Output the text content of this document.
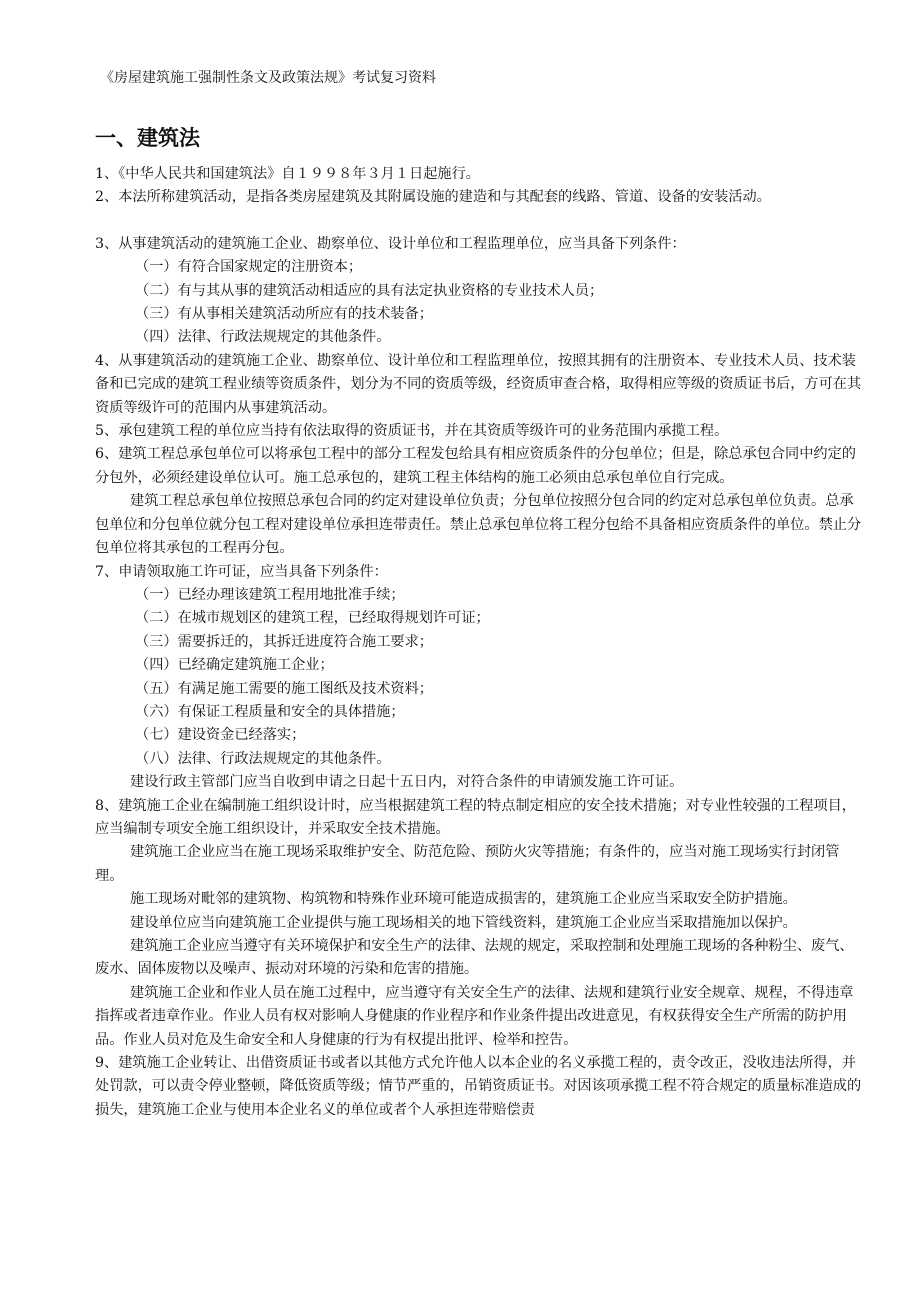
《房屋建筑施工强制性条文及政策法规》考试复习资料
一、建筑法

1、《中华人民共和国建筑法》自１９９８年３月１日起施行。

2、本法所称建筑活动，是指各类房屋建筑及其附属设施的建造和与其配套的线路、管道、设备的安装活动。

3、从事建筑活动的建筑施工企业、勘察单位、设计单位和工程监理单位，应当具备下列条件：

（一）有符合国家规定的注册资本；

（二）有与其从事的建筑活动相适应的具有法定执业资格的专业技术人员；

（三）有从事相关建筑活动所应有的技术装备；

（四）法律、行政法规规定的其他条件。

4、从事建筑活动的建筑施工企业、勘察单位、设计单位和工程监理单位，按照其拥有的注册资本、专业技术人员、技术装备和已完成的建筑工程业绩等资质条件，划分为不同的资质等级，经资质审查合格，取得相应等级的资质证书后，方可在其资质等级许可的范围内从事建筑活动。

5、承包建筑工程的单位应当持有依法取得的资质证书，并在其资质等级许可的业务范围内承揽工程。

6、建筑工程总承包单位可以将承包工程中的部分工程发包给具有相应资质条件的分包单位；但是，除总承包合同中约定的分包外，必须经建设单位认可。施工总承包的，建筑工程主体结构的施工必须由总承包单位自行完成。

建筑工程总承包单位按照总承包合同的约定对建设单位负责；分包单位按照分包合同的约定对总承包单位负责。总承包单位和分包单位就分包工程对建设单位承担连带责任。禁止总承包单位将工程分包给不具备相应资质条件的单位。禁止分包单位将其承包的工程再分包。

7、申请领取施工许可证，应当具备下列条件：

（一）已经办理该建筑工程用地批准手续；

（二）在城市规划区的建筑工程，已经取得规划许可证；

（三）需要拆迁的，其拆迁进度符合施工要求；

（四）已经确定建筑施工企业；

（五）有满足施工需要的施工图纸及技术资料；

（六）有保证工程质量和安全的具体措施；

（七）建设资金已经落实；

（八）法律、行政法规规定的其他条件。

建设行政主管部门应当自收到申请之日起十五日内，对符合条件的申请颁发施工许可证。

8、建筑施工企业在编制施工组织设计时，应当根据建筑工程的特点制定相应的安全技术措施；对专业性较强的工程项目，应当编制专项安全施工组织设计，并采取安全技术措施。

建筑施工企业应当在施工现场采取维护安全、防范危险、预防火灾等措施；有条件的，应当对施工现场实行封闭管理。

施工现场对毗邻的建筑物、构筑物和特殊作业环境可能造成损害的，建筑施工企业应当采取安全防护措施。

建设单位应当向建筑施工企业提供与施工现场相关的地下管线资料，建筑施工企业应当采取措施加以保护。

建筑施工企业应当遵守有关环境保护和安全生产的法律、法规的规定，采取控制和处理施工现场的各种粉尘、废气、废水、固体废物以及噪声、振动对环境的污染和危害的措施。

建筑施工企业和作业人员在施工过程中，应当遵守有关安全生产的法律、法规和建筑行业安全规章、规程，不得违章指挥或者违章作业。作业人员有权对影响人身健康的作业程序和作业条件提出改进意见，有权获得安全生产所需的防护用品。作业人员对危及生命安全和人身健康的行为有权提出批评、检举和控告。

9、建筑施工企业转让、出借资质证书或者以其他方式允许他人以本企业的名义承揽工程的，责令改正，没收违法所得，并处罚款，可以责令停业整顿，降低资质等级；情节严重的，吊销资质证书。对因该项承揽工程不符合规定的质量标准造成的损失，建筑施工企业与使用本企业名义的单位或者个人承担连带赔偿责
